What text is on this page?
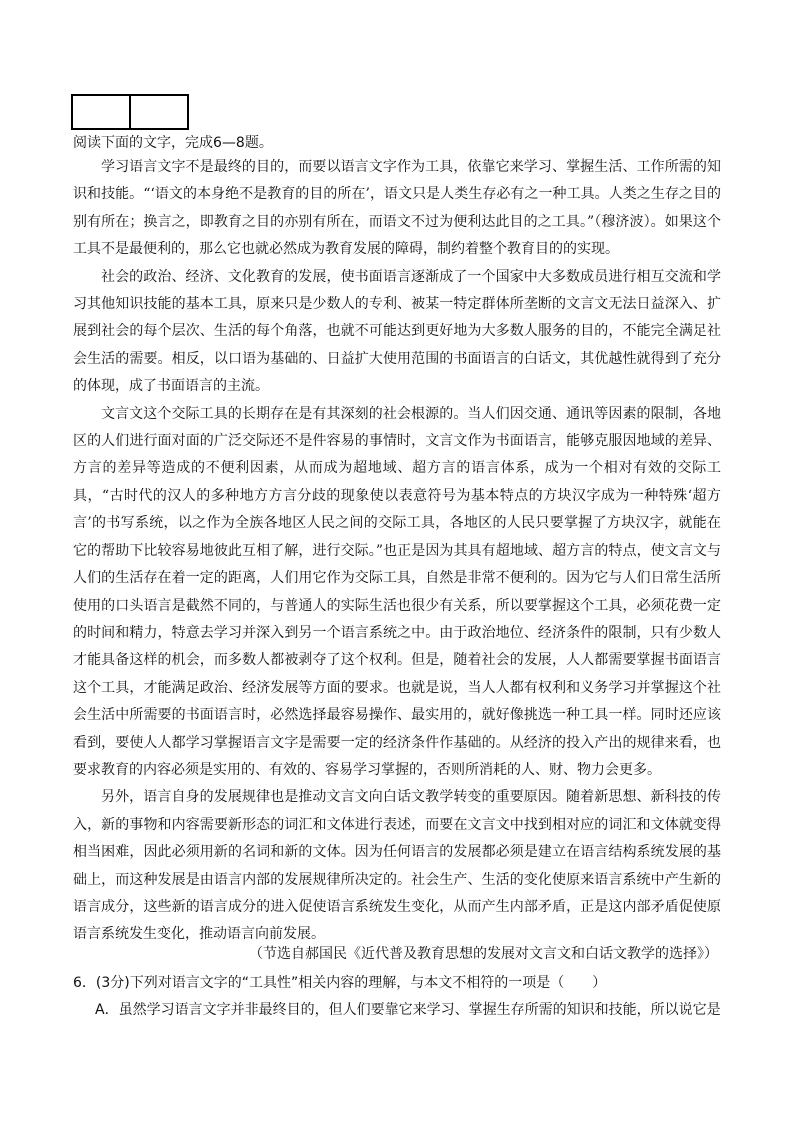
阅读下面的文字，完成6—8题。

学习语言文字不是最终的目的，而要以语言文字作为工具，依靠它来学习、掌握生活、工作所需的知识和技能。“‘语文的本身绝不是教育的目的所在’，语文只是人类生存必有之一种工具。人类之生存之目的别有所在；换言之，即教育之目的亦别有所在，而语文不过为便利达此目的之工具。”（穆济波）。如果这个工具不是最便利的，那么它也就必然成为教育发展的障碍，制约着整个教育目的的实现。

社会的政治、经济、文化教育的发展，使书面语言逐渐成了一个国家中大多数成员进行相互交流和学习其他知识技能的基本工具，原来只是少数人的专利、被某一特定群体所垄断的文言文无法日益深入、扩展到社会的每个层次、生活的每个角落，也就不可能达到更好地为大多数人服务的目的，不能完全满足社会生活的需要。相反，以口语为基础的、日益扩大使用范围的书面语言的白话文，其优越性就得到了充分的体现，成了书面语言的主流。

文言文这个交际工具的长期存在是有其深刻的社会根源的。当人们因交通、通讯等因素的限制，各地区的人们进行面对面的广泛交际还不是件容易的事情时，文言文作为书面语言，能够克服因地域的差异、方言的差异等造成的不便利因素，从而成为超地域、超方言的语言体系，成为一个相对有效的交际工具，“古时代的汉人的多种地方方言分歧的现象使以表意符号为基本特点的方块汉字成为一种特殊‘超方言’的书写系统，以之作为全族各地区人民之间的交际工具，各地区的人民只要掌握了方块汉字，就能在它的帮助下比较容易地彼此互相了解，进行交际。”也正是因为其具有超地域、超方言的特点，使文言文与人们的生活存在着一定的距离，人们用它作为交际工具，自然是非常不便利的。因为它与人们日常生活所使用的口头语言是截然不同的，与普通人的实际生活也很少有关系，所以要掌握这个工具，必须花费一定的时间和精力，特意去学习并深入到另一个语言系统之中。由于政治地位、经济条件的限制，只有少数人才能具备这样的机会，而多数人都被剥夺了这个权利。但是，随着社会的发展，人人都需要掌握书面语言这个工具，才能满足政治、经济发展等方面的要求。也就是说，当人人都有权利和义务学习并掌握这个社会生活中所需要的书面语言时，必然选择最容易操作、最实用的，就好像挑选一种工具一样。同时还应该看到，要使人人都学习掌握语言文字是需要一定的经济条件作基础的。从经济的投入产出的规律来看，也要求教育的内容必须是实用的、有效的、容易学习掌握的，否则所消耗的人、财、物力会更多。

另外，语言自身的发展规律也是推动文言文向白话文教学转变的重要原因。随着新思想、新科技的传入，新的事物和内容需要新形态的词汇和文体进行表述，而要在文言文中找到相对应的词汇和文体就变得相当困难，因此必须用新的名词和新的文体。因为任何语言的发展都必须是建立在语言结构系统发展的基础上，而这种发展是由语言内部的发展规律所决定的。社会生产、生活的变化使原来语言系统中产生新的语言成分，这些新的语言成分的进入促使语言系统发生变化，从而产生内部矛盾，正是这内部矛盾促使原语言系统发生变化，推动语言向前发展。

（节选自郝国民《近代普及教育思想的发展对文言文和白话文教学的选择》）
6．(3分)下列对语言文字的“工具性”相关内容的理解，与本文不相符的一项是（　　）
A．虽然学习语言文字并非最终目的，但人们要靠它来学习、掌握生存所需的知识和技能，所以说它是
